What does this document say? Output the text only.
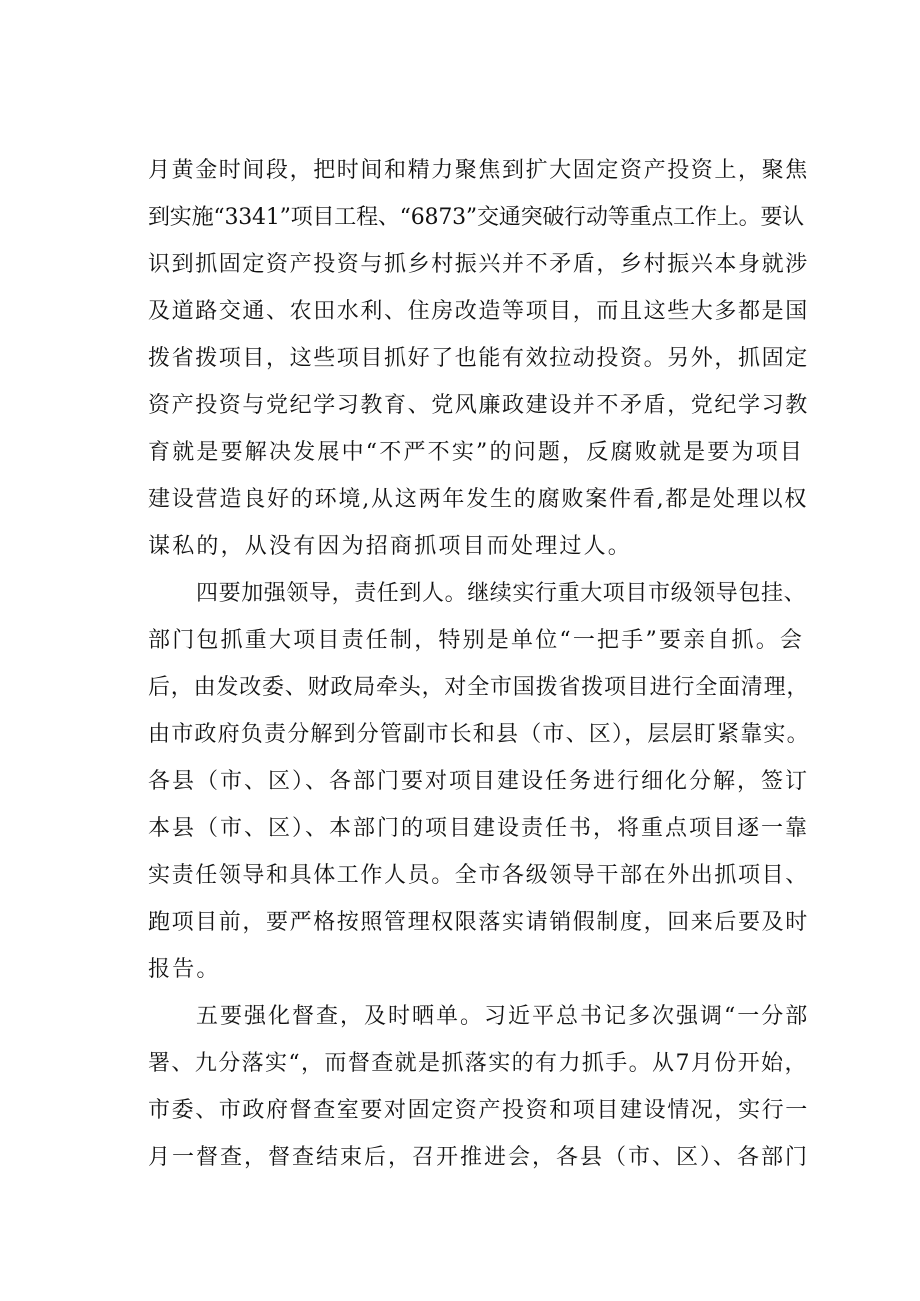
月黄金时间段，把时间和精力聚焦到扩大固定资产投资上，聚焦
到实施“3341”项目工程、“6873”交通突破行动等重点工作上。要认
识到抓固定资产投资与抓乡村振兴并不矛盾，乡村振兴本身就涉
及道路交通、农田水利、住房改造等项目，而且这些大多都是国
拨省拨项目，这些项目抓好了也能有效拉动投资。另外，抓固定
资产投资与党纪学习教育、党风廉政建设并不矛盾，党纪学习教
育就是要解决发展中“不严不实”的问题，反腐败就是要为项目
建设营造良好的环境,从这两年发生的腐败案件看,都是处理以权
谋私的，从没有因为招商抓项目而处理过人。
四要加强领导，责任到人。继续实行重大项目市级领导包挂、
部门包抓重大项目责任制，特别是单位“一把手”要亲自抓。会
后，由发改委、财政局牵头，对全市国拨省拨项目进行全面清理，
由市政府负责分解到分管副市长和县（市、区），层层盯紧靠实。
各县（市、区）、各部门要对项目建设任务进行细化分解，签订
本县（市、区）、本部门的项目建设责任书，将重点项目逐一靠
实责任领导和具体工作人员。全市各级领导干部在外出抓项目、
跑项目前，要严格按照管理权限落实请销假制度，回来后要及时
报告。
五要强化督查，及时晒单。习近平总书记多次强调“一分部
署、九分落实“，而督查就是抓落实的有力抓手。从7月份开始，
市委、市政府督查室要对固定资产投资和项目建设情况，实行一
月一督查，督查结束后，召开推进会，各县（市、区）、各部门
